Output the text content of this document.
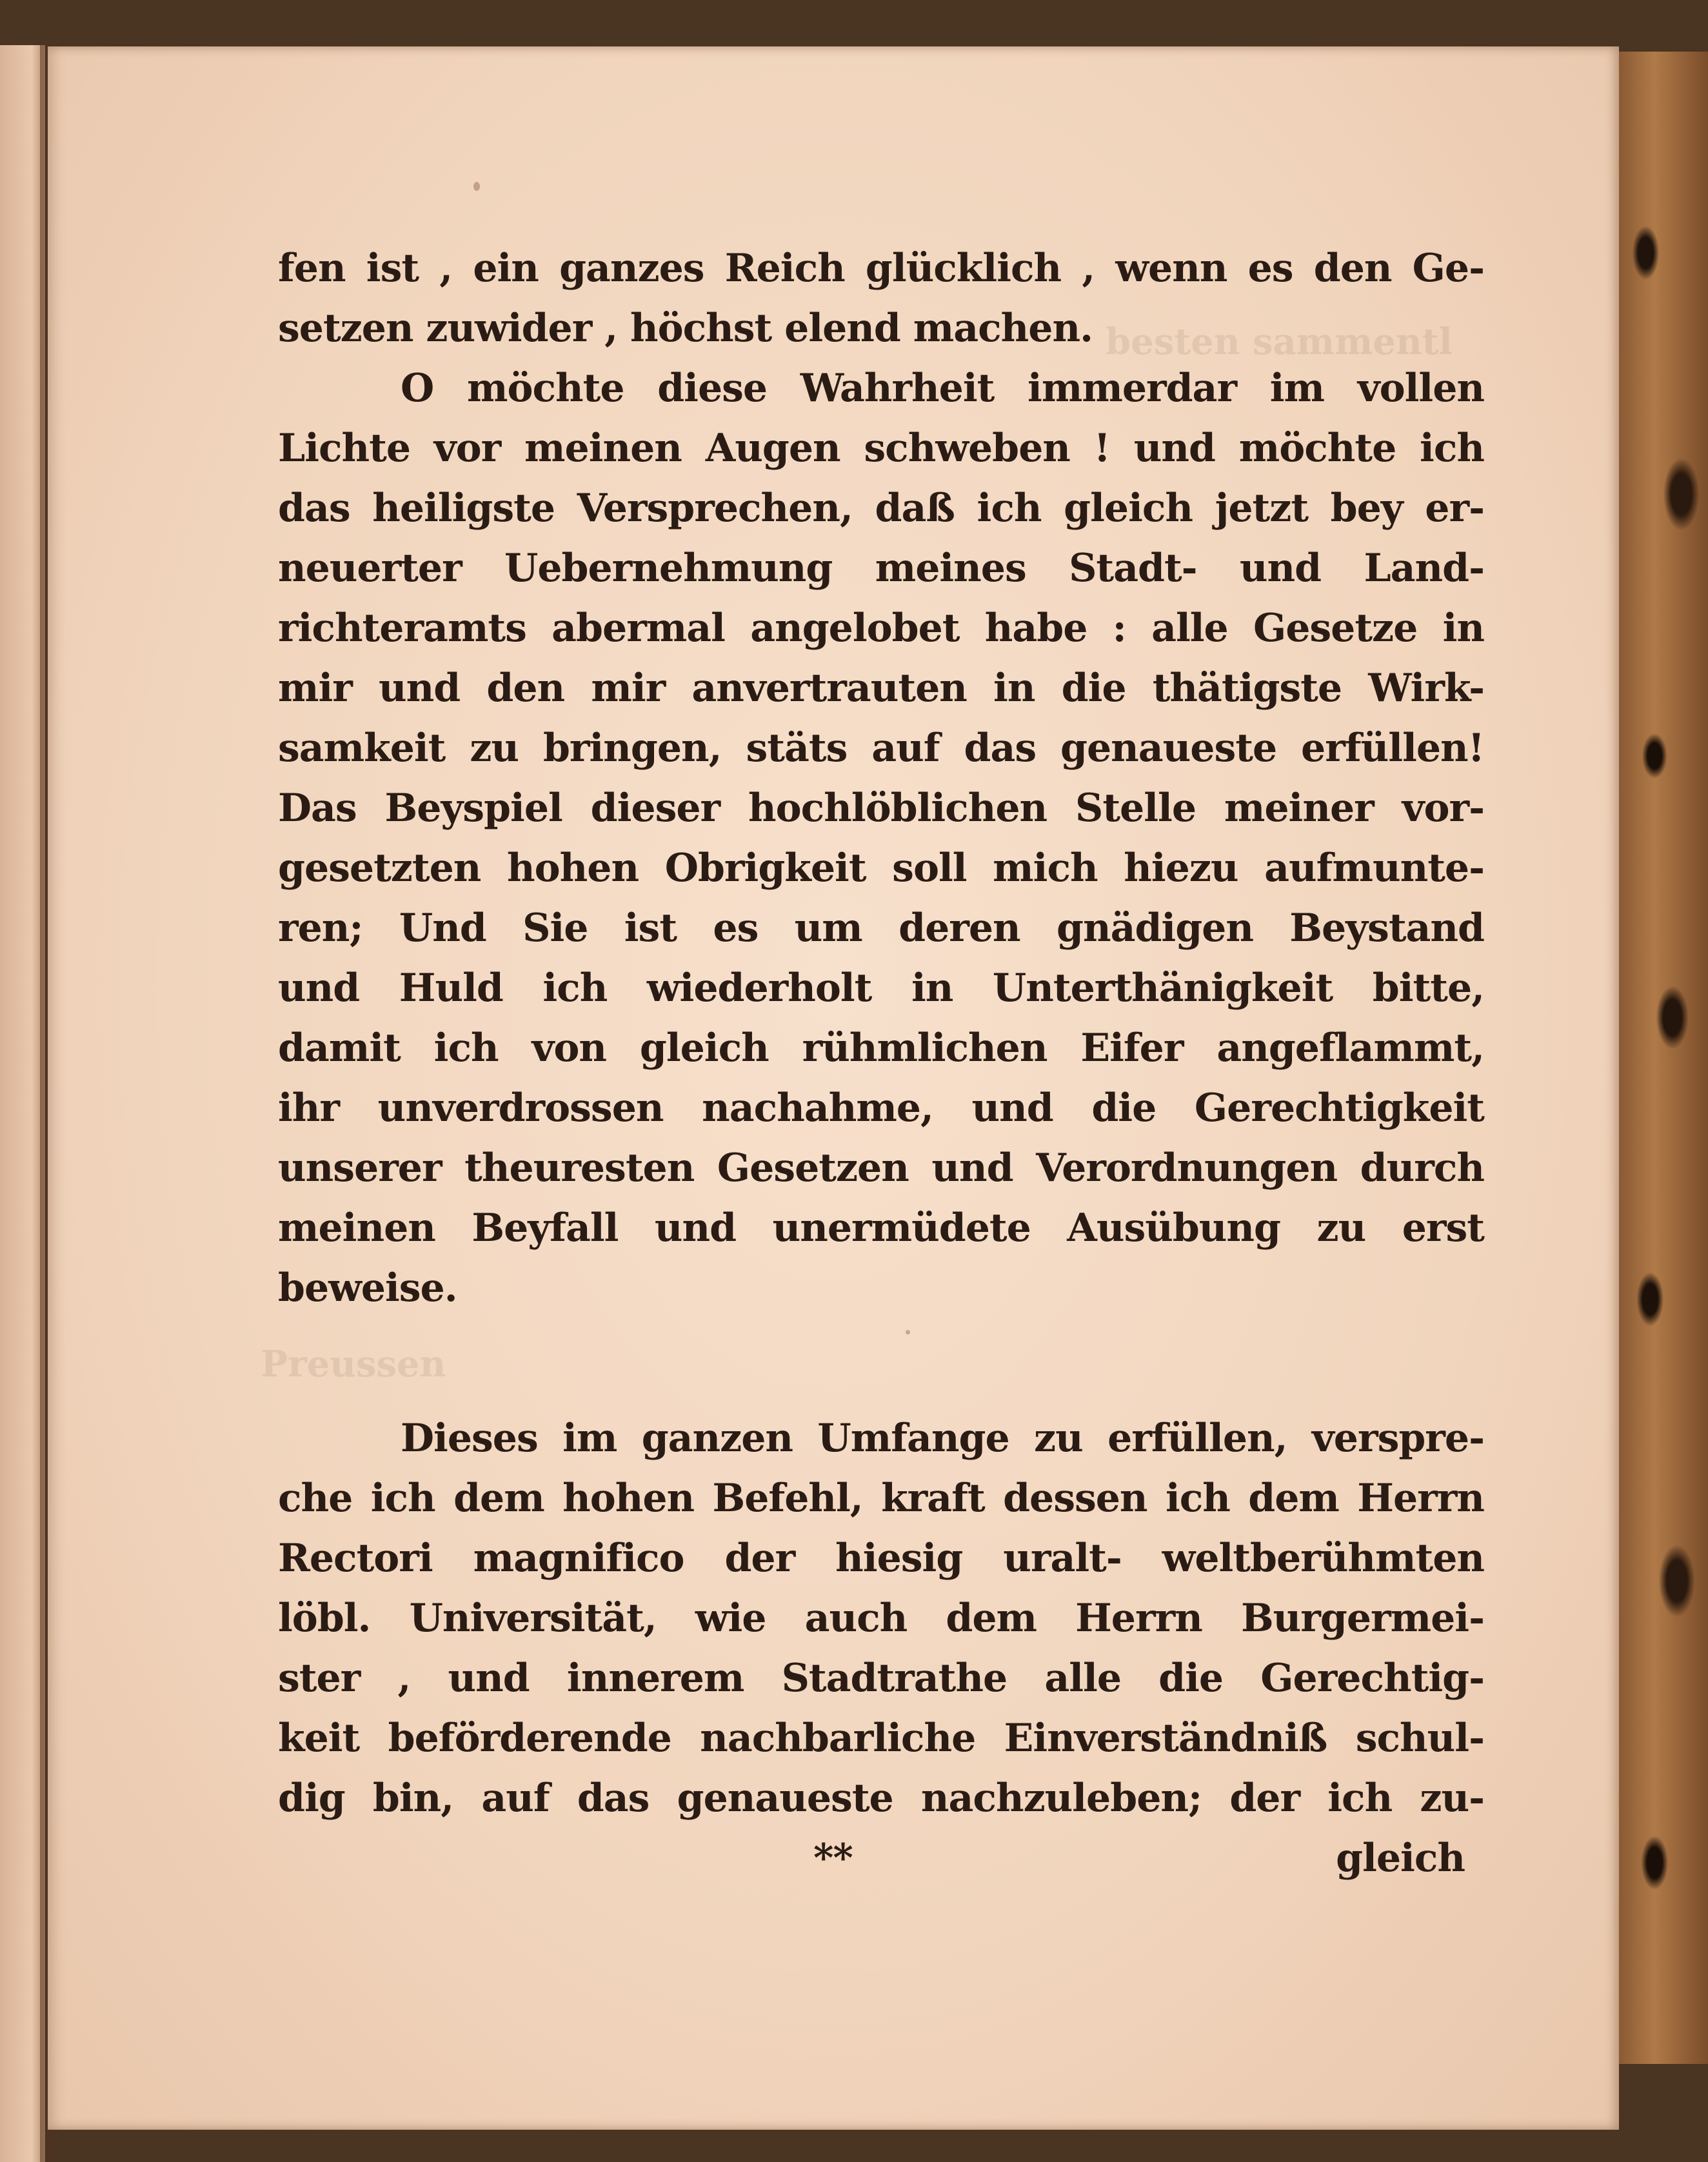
besten sammentl
Preussen
fen ist , ein ganzes Reich glücklich , wenn es den Ge-
setzen zuwider , höchst elend machen.
O möchte diese Wahrheit immerdar im vollen
Lichte vor meinen Augen schweben ! und möchte ich
das heiligste Versprechen, daß ich gleich jetzt bey er-
neuerter Uebernehmung meines Stadt- und Land-
richteramts abermal angelobet habe : alle Gesetze in
mir und den mir anvertrauten in die thätigste Wirk-
samkeit zu bringen, stäts auf das genaueste erfüllen!
Das Beyspiel dieser hochlöblichen Stelle meiner vor-
gesetzten hohen Obrigkeit soll mich hiezu aufmunte-
ren; Und Sie ist es um deren gnädigen Beystand
und Huld ich wiederholt in Unterthänigkeit bitte,
damit ich von gleich rühmlichen Eifer angeflammt,
ihr unverdrossen nachahme, und die Gerechtigkeit
unserer theuresten Gesetzen und Verordnungen durch
meinen Beyfall und unermüdete Ausübung zu erst
beweise.
Dieses im ganzen Umfange zu erfüllen, verspre-
che ich dem hohen Befehl, kraft dessen ich dem Herrn
Rectori magnifico der hiesig uralt- weltberühmten
löbl. Universität, wie auch dem Herrn Burgermei-
ster , und innerem Stadtrathe alle die Gerechtig-
keit beförderende nachbarliche Einverständniß schul-
dig bin, auf das genaueste nachzuleben; der ich zu-
**	gleich
